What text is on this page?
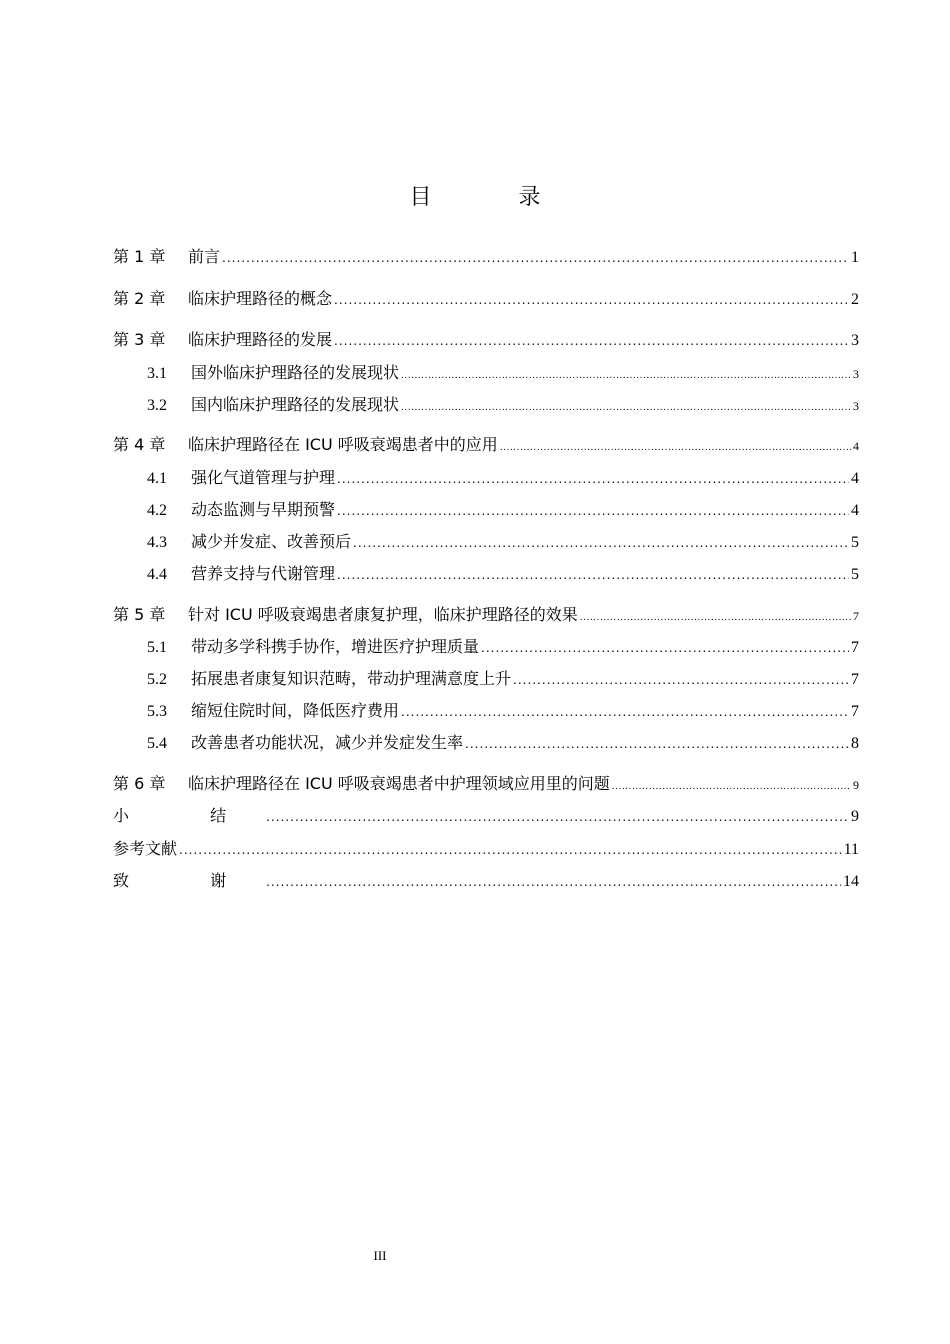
目 录
第 1 章	前言 .....	1
第 2 章	临床护理路径的概念 .....	2
第 3 章	临床护理路径的发展 .....	3
3.1	国外临床护理路径的发展现状 .....	3
3.2	国内临床护理路径的发展现状 .....	3
第 4 章	临床护理路径在 ICU 呼吸衰竭患者中的应用 .....	4
4.1	强化气道管理与护理 .....	4
4.2	动态监测与早期预警 .....	4
4.3	减少并发症、改善预后 .....	5
4.4	营养支持与代谢管理 .....	5
第 5 章	针对 ICU 呼吸衰竭患者康复护理，临床护理路径的效果 .....	7
5.1	带动多学科携手协作，增进医疗护理质量 .....	7
5.2	拓展患者康复知识范畴，带动护理满意度上升 .....	7
5.3	缩短住院时间，降低医疗费用 .....	7
5.4	改善患者功能状况，减少并发症发生率 .....	8
第 6 章	临床护理路径在 ICU 呼吸衰竭患者中护理领域应用里的问题 .....	9
小 结 .....	9
参考文献 .....	11
致 谢 .....	14
III
